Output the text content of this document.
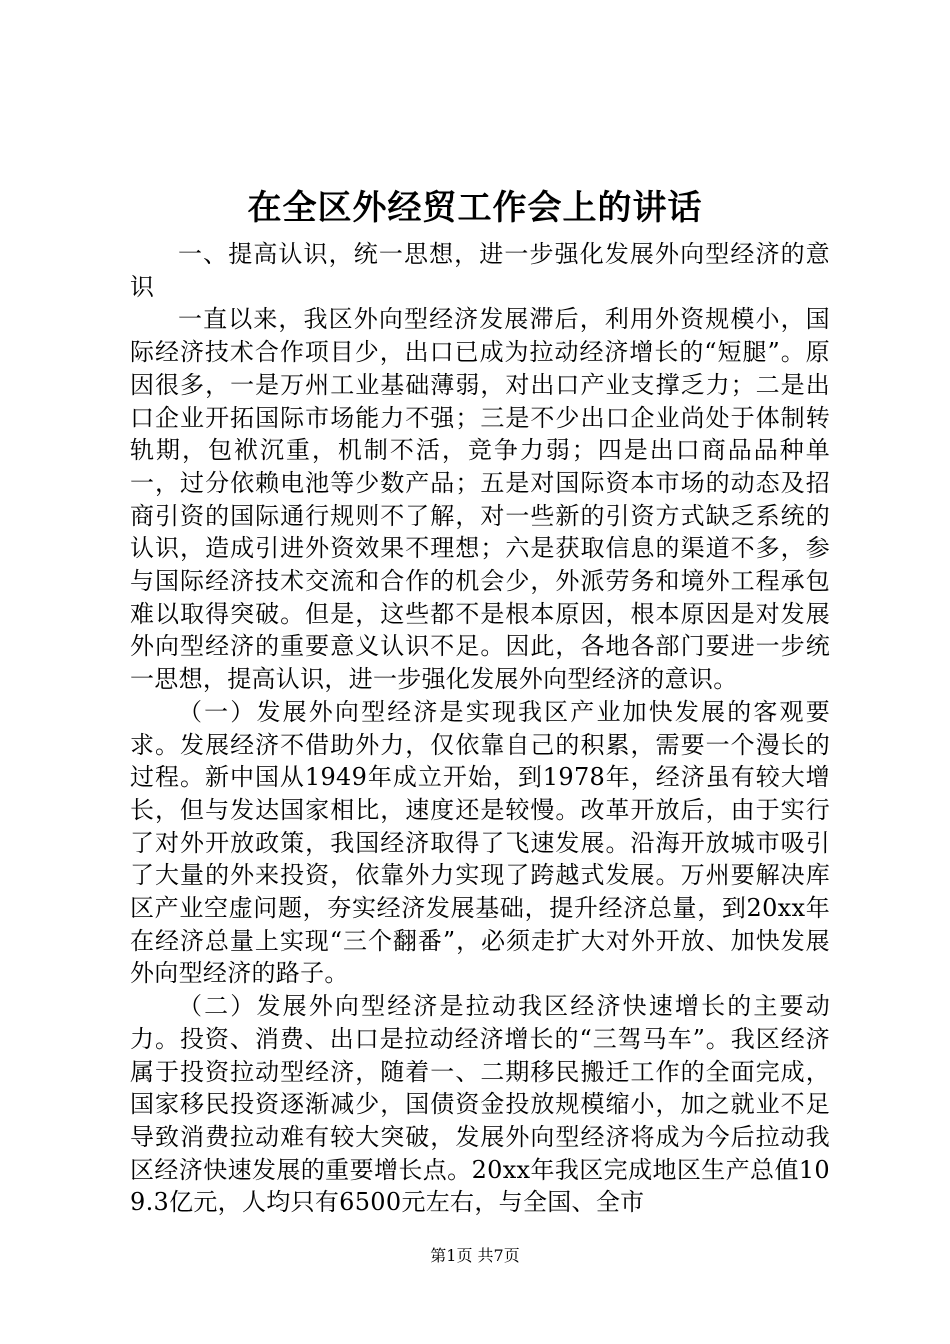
在全区外经贸工作会上的讲话

一、提高认识，统一思想，进一步强化发展外向型经济的意识

一直以来，我区外向型经济发展滞后，利用外资规模小，国际经济技术合作项目少，出口已成为拉动经济增长的“短腿”。原因很多，一是万州工业基础薄弱，对出口产业支撑乏力；二是出口企业开拓国际市场能力不强；三是不少出口企业尚处于体制转轨期，包袱沉重，机制不活，竞争力弱；四是出口商品品种单一，过分依赖电池等少数产品；五是对国际资本市场的动态及招商引资的国际通行规则不了解，对一些新的引资方式缺乏系统的认识，造成引进外资效果不理想；六是获取信息的渠道不多，参与国际经济技术交流和合作的机会少，外派劳务和境外工程承包难以取得突破。但是，这些都不是根本原因，根本原因是对发展外向型经济的重要意义认识不足。因此，各地各部门要进一步统一思想，提高认识，进一步强化发展外向型经济的意识。

（一）发展外向型经济是实现我区产业加快发展的客观要求。发展经济不借助外力，仅依靠自己的积累，需要一个漫长的过程。新中国从1949年成立开始，到1978年，经济虽有较大增长，但与发达国家相比，速度还是较慢。改革开放后，由于实行了对外开放政策，我国经济取得了飞速发展。沿海开放城市吸引了大量的外来投资，依靠外力实现了跨越式发展。万州要解决库区产业空虚问题，夯实经济发展基础，提升经济总量，到20xx年在经济总量上实现“三个翻番”，必须走扩大对外开放、加快发展外向型经济的路子。

（二）发展外向型经济是拉动我区经济快速增长的主要动力。投资、消费、出口是拉动经济增长的“三驾马车”。我区经济属于投资拉动型经济，随着一、二期移民搬迁工作的全面完成，国家移民投资逐渐减少，国债资金投放规模缩小，加之就业不足导致消费拉动难有较大突破，发展外向型经济将成为今后拉动我区经济快速发展的重要增长点。20xx年我区完成地区生产总值109.3亿元，人均只有6500元左右，与全国、全市

第1页 共7页
